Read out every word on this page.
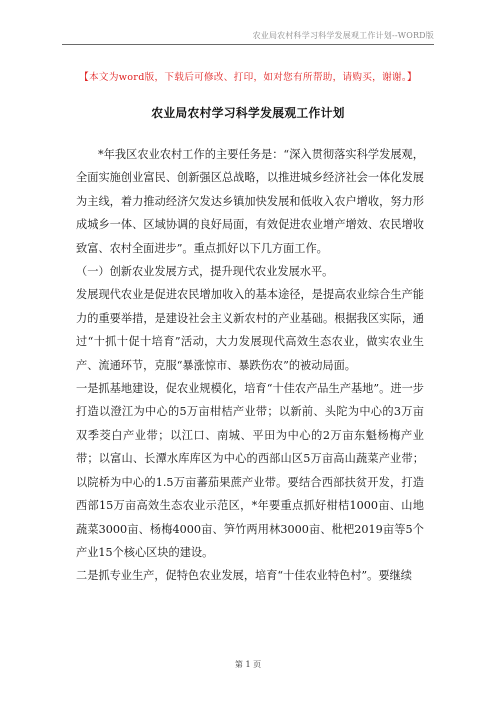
农业局农村科学习科学发展观工作计划--WORD版
【本文为word版，下载后可修改、打印，如对您有所帮助，请购买，谢谢。】
农业局农村学习科学发展观工作计划

*年我区农业农村工作的主要任务是：“深入贯彻落实科学发展观，全面实施创业富民、创新强区总战略，以推进城乡经济社会一体化发展为主线，着力推动经济欠发达乡镇加快发展和低收入农户增收，努力形成城乡一体、区域协调的良好局面，有效促进农业增产增效、农民增收致富、农村全面进步”。重点抓好以下几方面工作。

（一）创新农业发展方式，提升现代农业发展水平。

发展现代农业是促进农民增加收入的基本途径，是提高农业综合生产能力的重要举措，是建设社会主义新农村的产业基础。根据我区实际，通过“十抓十促十培育”活动，大力发展现代高效生态农业，做实农业生产、流通环节，克服“暴涨惊市、暴跌伤农”的被动局面。

一是抓基地建设，促农业规模化，培育“十佳农产品生产基地”。进一步打造以澄江为中心的5万亩柑桔产业带；以新前、头陀为中心的3万亩双季茭白产业带；以江口、南城、平田为中心的2万亩东魁杨梅产业带；以富山、长潭水库库区为中心的西部山区5万亩高山蔬菜产业带；以院桥为中心的1.5万亩蕃茄果蔗产业带。要结合西部扶贫开发，打造西部15万亩高效生态农业示范区，*年要重点抓好柑桔1000亩、山地蔬菜3000亩、杨梅4000亩、笋竹两用林3000亩、枇杷2019亩等5个产业15个核心区块的建设。

二是抓专业生产，促特色农业发展，培育“十佳农业特色村”。要继续

第 1 页
